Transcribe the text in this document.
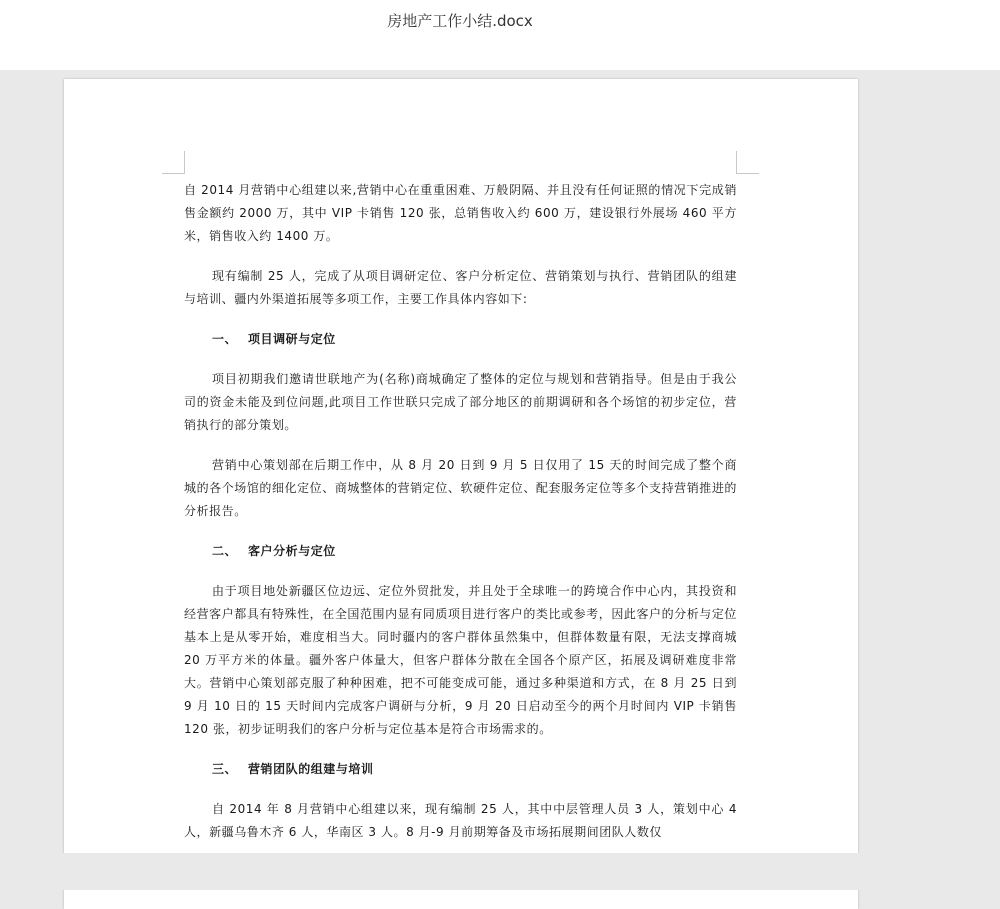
房地产工作小结.docx

自 2014 月营销中心组建以来,营销中心在重重困难、万般阴隔、并且没有任何证照的情况下完成销售金额约 2000 万，其中 VIP 卡销售 120 张，总销售收入约 600 万，建设银行外展场 460 平方米，销售收入约 1400 万。

现有编制 25 人，完成了从项目调研定位、客户分析定位、营销策划与执行、营销团队的组建与培训、疆内外渠道拓展等多项工作，主要工作具体内容如下:

一、 项目调研与定位

项目初期我们邀请世联地产为(名称)商城确定了整体的定位与规划和营销指导。但是由于我公司的资金未能及到位问题,此项目工作世联只完成了部分地区的前期调研和各个场馆的初步定位，营销执行的部分策划。

营销中心策划部在后期工作中，从 8 月 20 日到 9 月 5 日仅用了 15 天的时间完成了整个商城的各个场馆的细化定位、商城整体的营销定位、软硬件定位、配套服务定位等多个支持营销推进的分析报告。

二、 客户分析与定位

由于项目地处新疆区位边远、定位外贸批发，并且处于全球唯一的跨境合作中心内，其投资和经营客户都具有特殊性，在全国范围内显有同质项目进行客户的类比或参考，因此客户的分析与定位基本上是从零开始，难度相当大。同时疆内的客户群体虽然集中，但群体数量有限，无法支撑商城 20 万平方米的体量。疆外客户体量大，但客户群体分散在全国各个原产区，拓展及调研难度非常大。营销中心策划部克服了种种困难，把不可能变成可能，通过多种渠道和方式，在 8 月 25 日到 9 月 10 日的 15 天时间内完成客户调研与分析，9 月 20 日启动至今的两个月时间内 VIP 卡销售 120 张，初步证明我们的客户分析与定位基本是符合市场需求的。

三、 营销团队的组建与培训

自 2014 年 8 月营销中心组建以来，现有编制 25 人，其中中层管理人员 3 人，策划中心 4 人，新疆乌鲁木齐 6 人，华南区 3 人。8 月-9 月前期筹备及市场拓展期间团队人数仅
